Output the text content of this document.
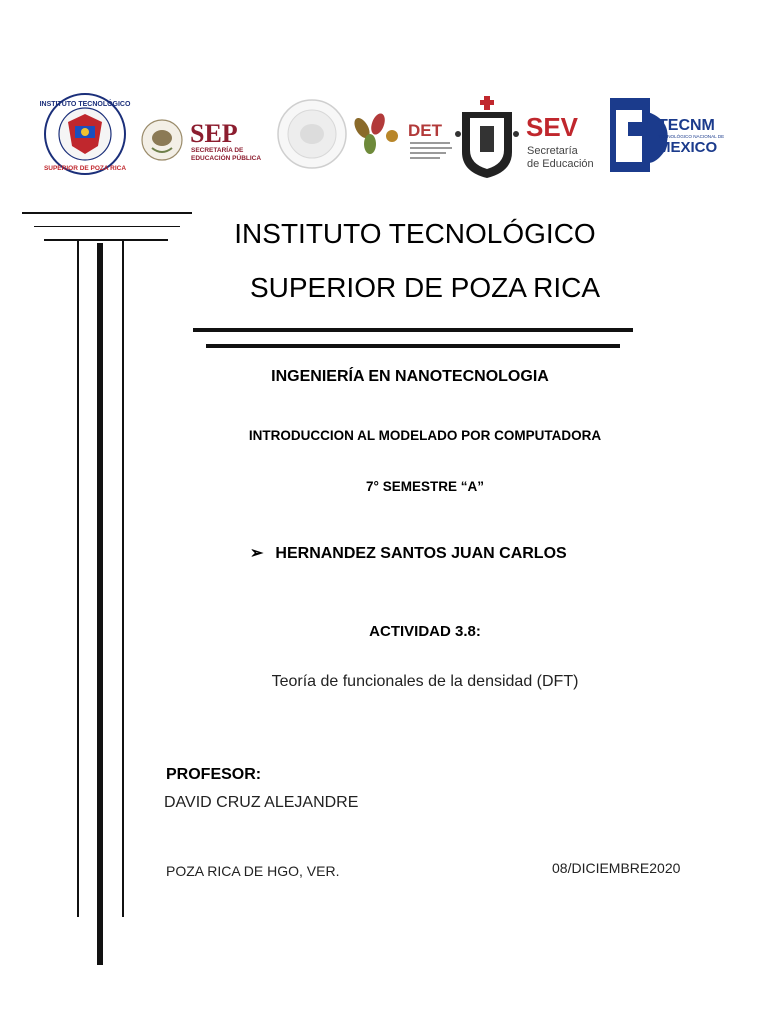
INSTITUTO TECNOLÓGICO
SUPERIOR DE POZA RICA
SEP
SECRETARÍA DE
EDUCACIÓN PÚBLICA
DET	SEV
Secretaría
de Educación
TECNM
TECNOLÓGICO NACIONAL DE
MEXICO
INSTITUTO TECNOLÓGICO
SUPERIOR DE POZA RICA
INGENIERÍA EN NANOTECNOLOGIA
INTRODUCCION AL MODELADO POR COMPUTADORA
7° SEMESTRE “A”
➢ HERNANDEZ SANTOS JUAN CARLOS
ACTIVIDAD 3.8:
Teoría de funcionales de la densidad (DFT)
PROFESOR:
DAVID CRUZ ALEJANDRE
POZA RICA DE HGO, VER.	08/DICIEMBRE2020
